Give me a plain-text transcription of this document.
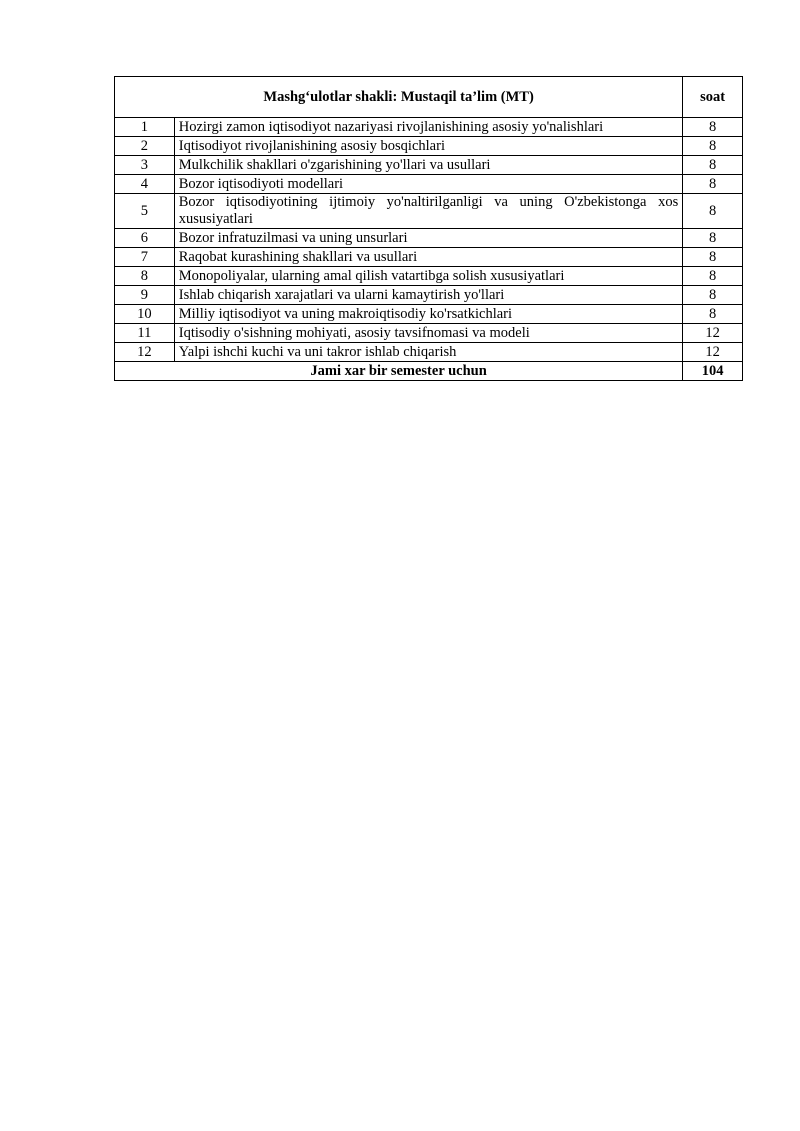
Mashg‘ulotlar shakli: Mustaqil ta’lim (MT)		soat
1	Hozirgi zamon iqtisodiyot nazariyasi rivojlanishining asosiy yo'nalishlari	8
2	Iqtisodiyot rivojlanishining asosiy bosqichlari	8
3	Mulkchilik shakllari o'zgarishining yo'llari va usullari	8
4	Bozor iqtisodiyoti modellari	8
5	Bozor iqtisodiyotining ijtimoiy yo'naltirilganligi va uning O'zbekistonga xos xususiyatlari	8
6	Bozor infratuzilmasi va uning unsurlari	8
7	Raqobat kurashining shakllari va usullari	8
8	Monopoliyalar, ularning amal qilish vatartibga solish xususiyatlari	8
9	Ishlab chiqarish xarajatlari va ularni kamaytirish yo'llari	8
10	Milliy iqtisodiyot va uning makroiqtisodiy ko'rsatkichlari	8
11	Iqtisodiy o'sishning mohiyati, asosiy tavsifnomasi va modeli	12
12	Yalpi ishchi kuchi va uni takror ishlab chiqarish	12
Jami xar bir semester uchun		104
